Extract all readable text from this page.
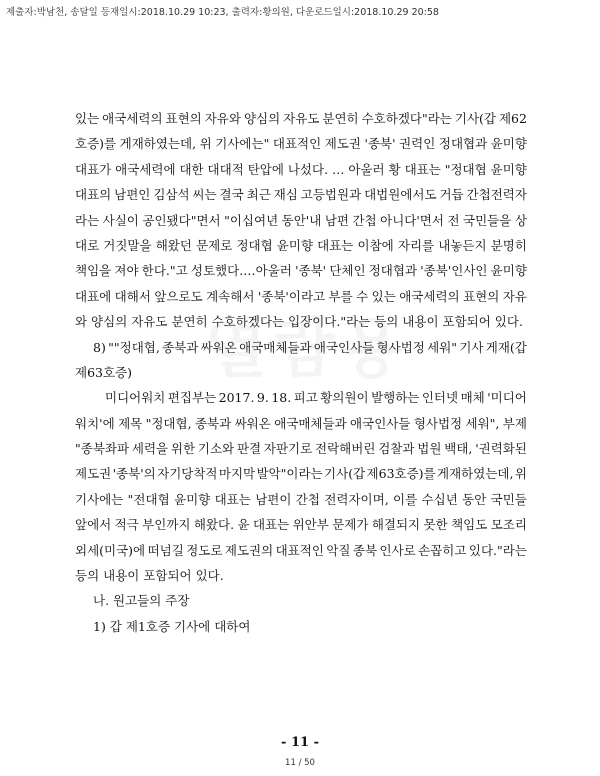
제출자:박남천, 송달일 등재일시:2018.10.29 10:23, 출력자:황의원, 다운로드일시:2018.10.29 20:58
있는 애국세력의 표현의 자유와 양심의 자유도 분연히 수호하겠다"라는 기사(갑 제62
호증)를 게재하였는데, 위 기사에는" 대표적인 제도권 '종북' 권력인 정대협과 윤미향
대표가 애국세력에 대한 대대적 탄압에 나섰다. … 아울러 황 대표는 "정대협 윤미향
대표의 남편인 김삼석 씨는 결국 최근 재심 고등법원과 대법원에서도 거듭 간첩전력자
라는 사실이 공인됐다"면서 "이십여년 동안'내 남편 간첩 아니다'면서 전 국민들을 상
대로 거짓말을 해왔던 문제로 정대협 윤미향 대표는 이참에 자리를 내놓든지 분명히
책임을 져야 한다."고 성토했다.…아울러 '종북' 단체인 정대협과 '종북'인사인 윤미향
대표에 대해서 앞으로도 계속해서 '종북'이라고 부를 수 있는 애국세력의 표현의 자유
와 양심의 자유도 분연히 수호하겠다는 입장이다."라는 등의 내용이 포함되어 있다.
8) ""정대협, 종북과 싸워온 애국매체들과 애국인사들 형사법정 세워" 기사 게재(갑
제63호증)
미디어워치 편집부는 2017. 9. 18. 피고 황의원이 발행하는 인터넷 매체 '미디어
워치'에 제목 "정대협, 종북과 싸워온 애국매체들과 애국인사들 형사법정 세워", 부제
"종북좌파 세력을 위한 기소와 판결 자판기로 전락해버린 검찰과 법원 백태, '권력화된
제도권 '종북'의 자기당착적 마지막 발악"이라는 기사(갑 제63호증)를 게재하였는데, 위
기사에는 "전대협 윤미향 대표는 남편이 간첩 전력자이며, 이를 수십년 동안 국민들
앞에서 적극 부인까지 해왔다. 윤 대표는 위안부 문제가 해결되지 못한 책임도 모조리
외세(미국)에 떠넘길 정도로 제도권의 대표적인 악질 종북 인사로 손꼽히고 있다."라는
등의 내용이 포함되어 있다.
나. 원고들의 주장
1) 갑 제1호증 기사에 대하여
- 11 -
11 / 50
